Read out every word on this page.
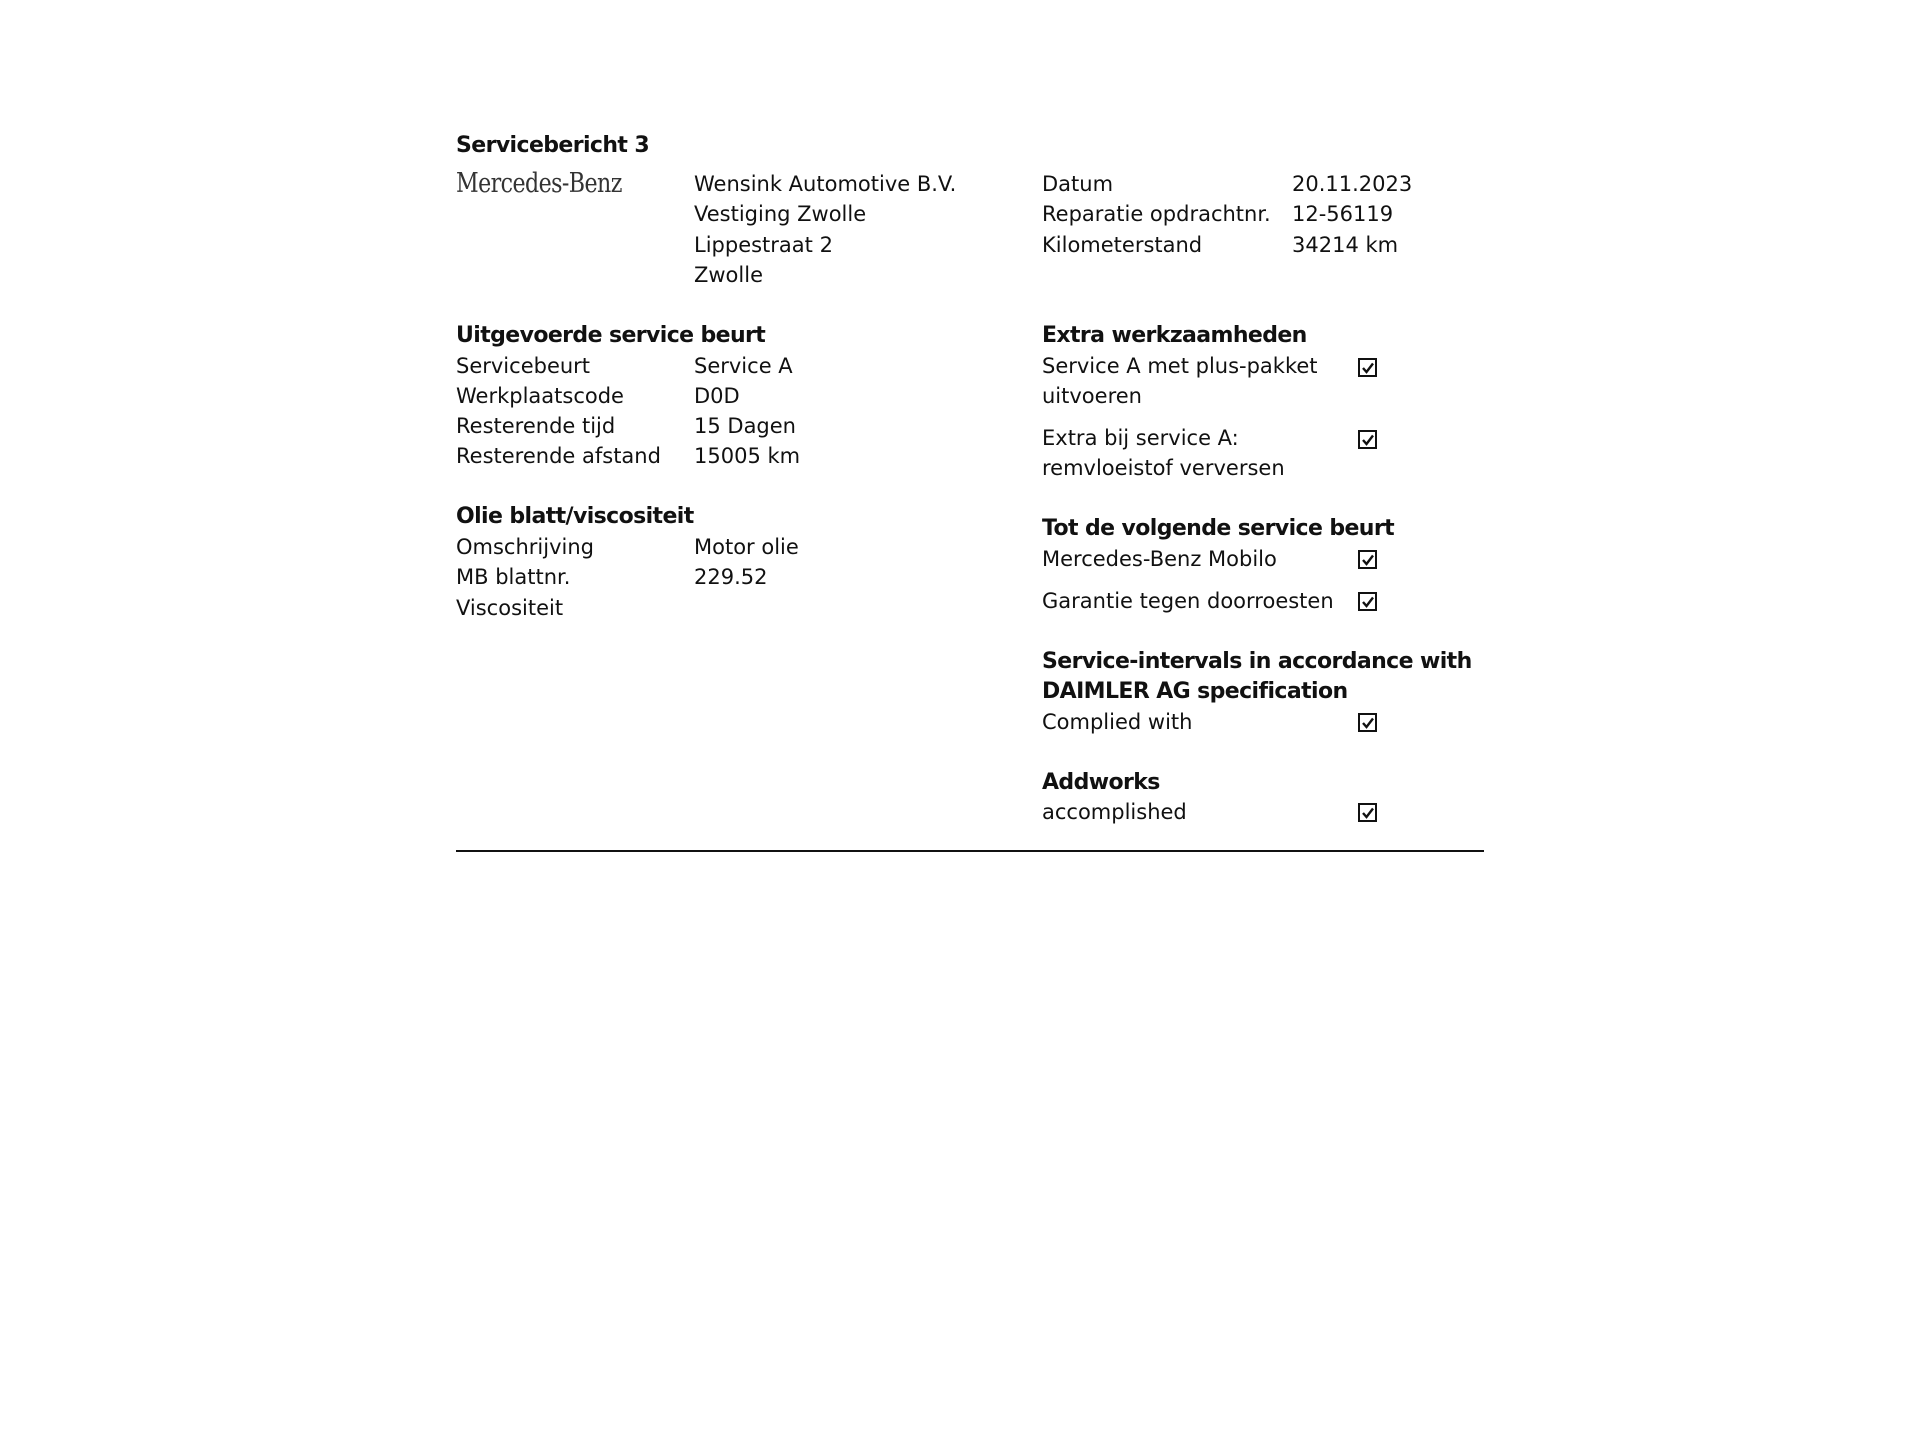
Servicebericht 3
Mercedes-Benz	Wensink Automotive B.V.
Vestiging Zwolle
Lippestraat 2
Zwolle
Datum	20.11.2023
Reparatie opdrachtnr. 12-56119
Kilometerstand	34214 km
Uitgevoerde service beurt
Servicebeurt	Service A
Werkplaatscode	D0D
Resterende tijd	15 Dagen
Resterende afstand 15005 km
Olie blatt/viscositeit
Omschrijving	Motor olie
MB blattnr.	229.52
Viscositeit
Extra werkzaamheden
Service A met plus-pakket
uitvoeren
Extra bij service A:
remvloeistof verversen
Tot de volgende service beurt
Mercedes-Benz Mobilo
Garantie tegen doorroesten
Service-intervals in accordance with
DAIMLER AG specification
Complied with
Addworks
accomplished
